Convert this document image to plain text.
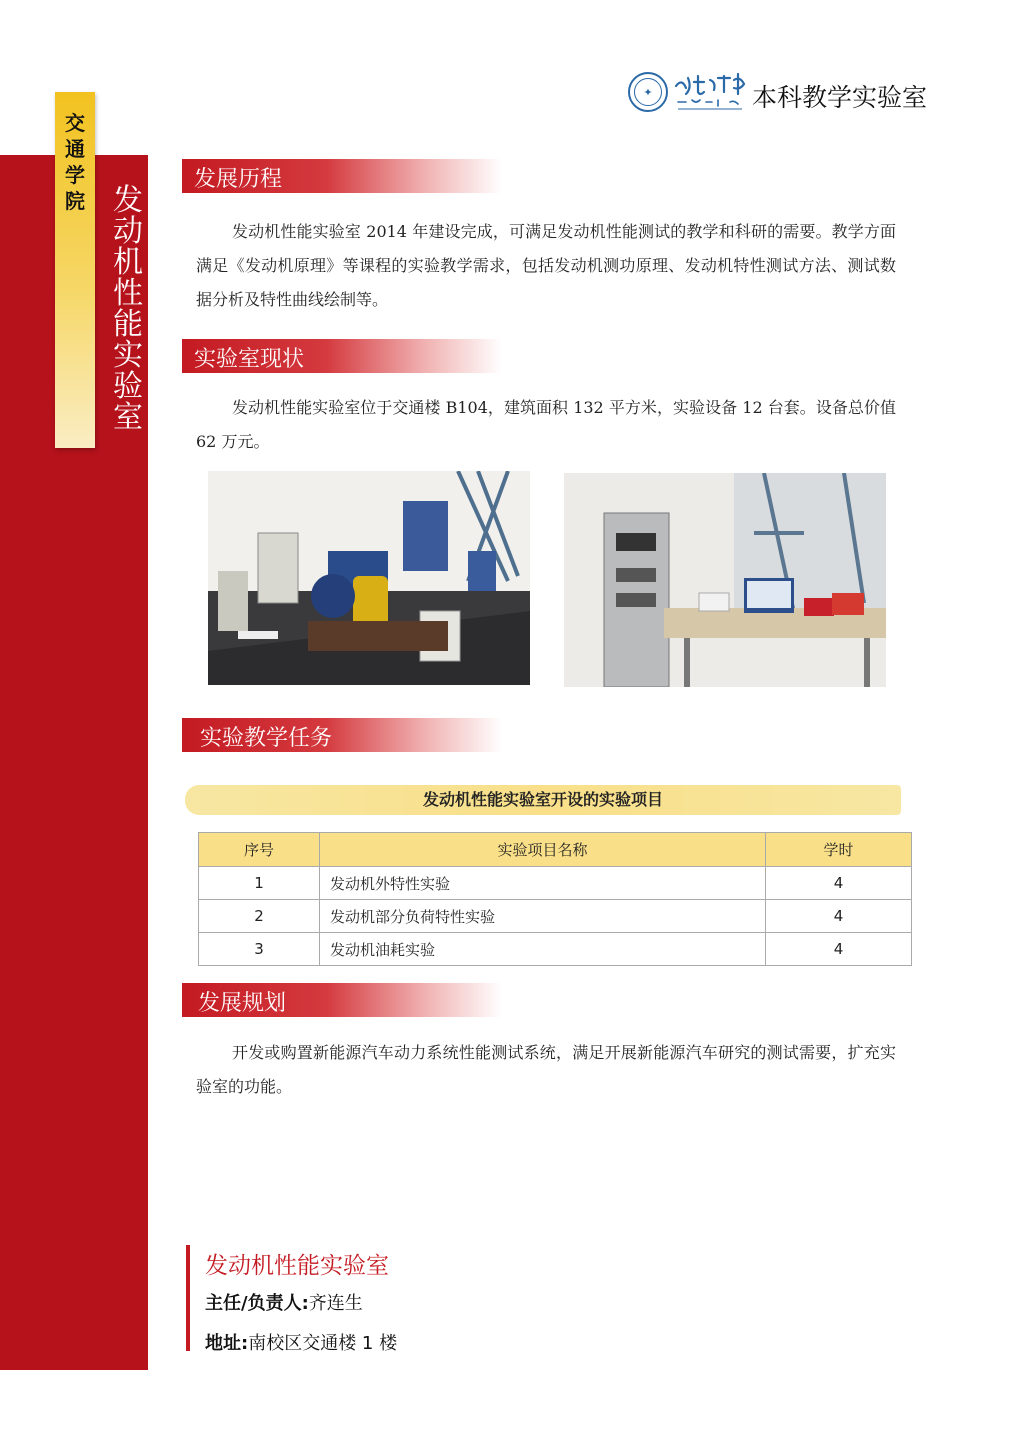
交
通
学
院 发
动
机
性
能
实
验
室
✦	本科教学实验室
发展历程
发动机性能实验室 2014 年建设完成，可满足发动机性能测试的教学和科研的需要。教学方面满足《发动机原理》等课程的实验教学需求，包括发动机测功原理、发动机特性测试方法、测试数据分析及特性曲线绘制等。
实验室现状
发动机性能实验室位于交通楼 B104，建筑面积 132 平方米，实验设备 12 台套。设备总价值 62 万元。
实验教学任务
发动机性能实验室开设的实验项目
序号	实验项目名称	学时
1	发动机外特性实验	4
2	发动机部分负荷特性实验	4
3	发动机油耗实验	4
发展规划
开发或购置新能源汽车动力系统性能测试系统，满足开展新能源汽车研究的测试需要，扩充实验室的功能。
发动机性能实验室
主任/负责人:齐连生
地址:南校区交通楼 1 楼
